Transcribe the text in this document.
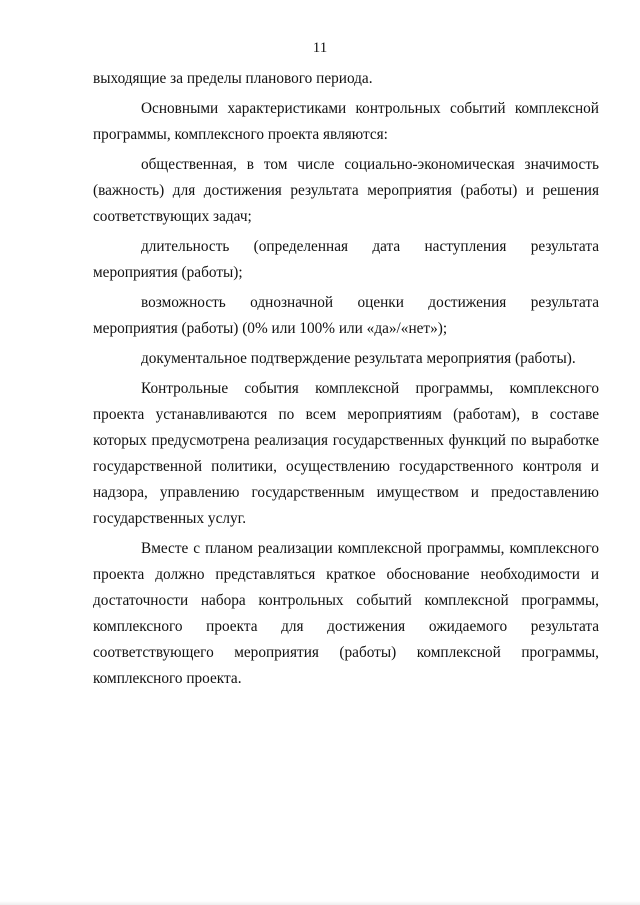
11

выходящие за пределы планового периода.

Основными характеристиками контрольных событий комплексной программы, комплексного проекта являются:

общественная, в том числе социально-экономическая значимость (важность) для достижения результата мероприятия (работы) и решения соответствующих задач;

длительность (определенная дата наступления результата мероприятия (работы);

возможность однозначной оценки достижения результата мероприятия (работы) (0% или 100% или «да»/«нет»);

документальное подтверждение результата мероприятия (работы).

Контрольные события комплексной программы, комплексного проекта устанавливаются по всем мероприятиям (работам), в составе которых предусмотрена реализация государственных функций по выработке государственной политики, осуществлению государственного контроля и надзора, управлению государственным имуществом и предоставлению государственных услуг.

Вместе с планом реализации комплексной программы, комплексного проекта должно представляться краткое обоснование необходимости и достаточности набора контрольных событий комплексной программы, комплексного проекта для достижения ожидаемого результата соответствующего мероприятия (работы) комплексной программы, комплексного проекта.
